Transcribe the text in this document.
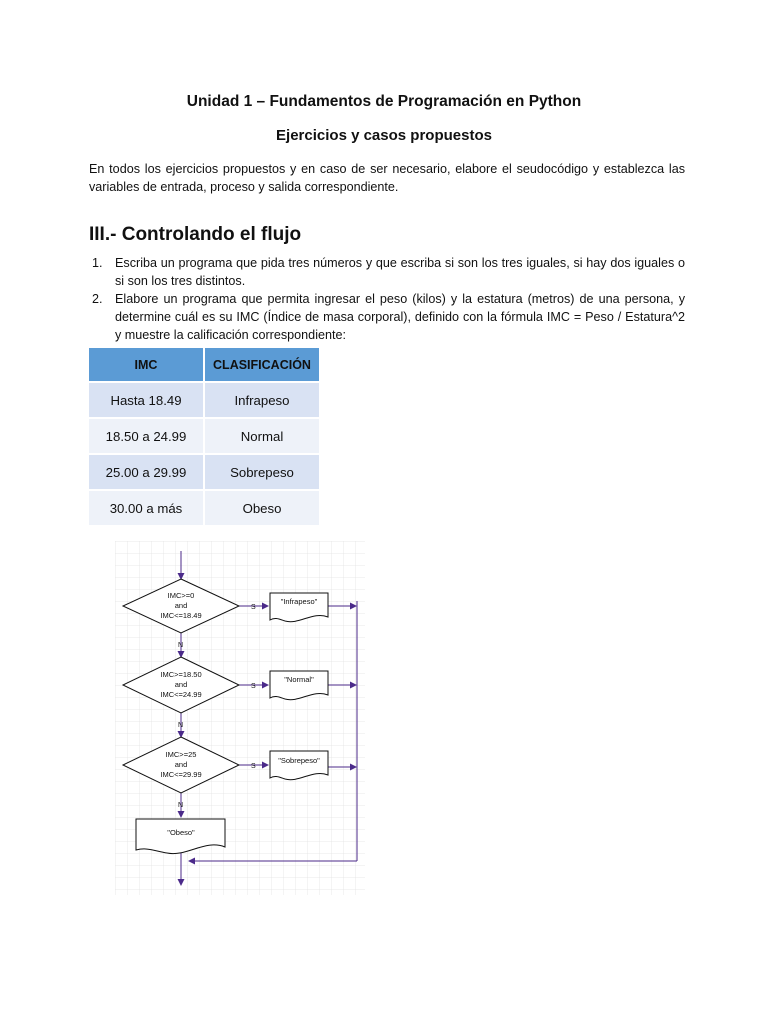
Unidad 1 – Fundamentos de Programación en Python
Ejercicios y casos propuestos
En todos los ejercicios propuestos y en caso de ser necesario, elabore el seudocódigo y establezca las variables de entrada, proceso y salida correspondiente.
III.- Controlando el flujo
1. Escriba un programa que pida tres números y que escriba si son los tres iguales, si hay dos iguales o si son los tres distintos.
2. Elabore un programa que permita ingresar el peso (kilos) y la estatura (metros) de una persona, y determine cuál es su IMC (Índice de masa corporal), definido con la fórmula IMC = Peso / Estatura^2 y muestre la calificación correspondiente:
IMC	CLASIFICACIÓN
Hasta 18.49	Infrapeso
18.50 a 24.99	Normal
25.00 a 29.99	Sobrepeso
30.00 a más	Obeso
IMC>=0
and
IMC<=18.49
IMC>=18.50
and
IMC<=24.99
IMC>=25
and
IMC<=29.99
S
S
S
N
N
N
"Infrapeso"
"Normal"
"Sobrepeso"
"Obeso"
